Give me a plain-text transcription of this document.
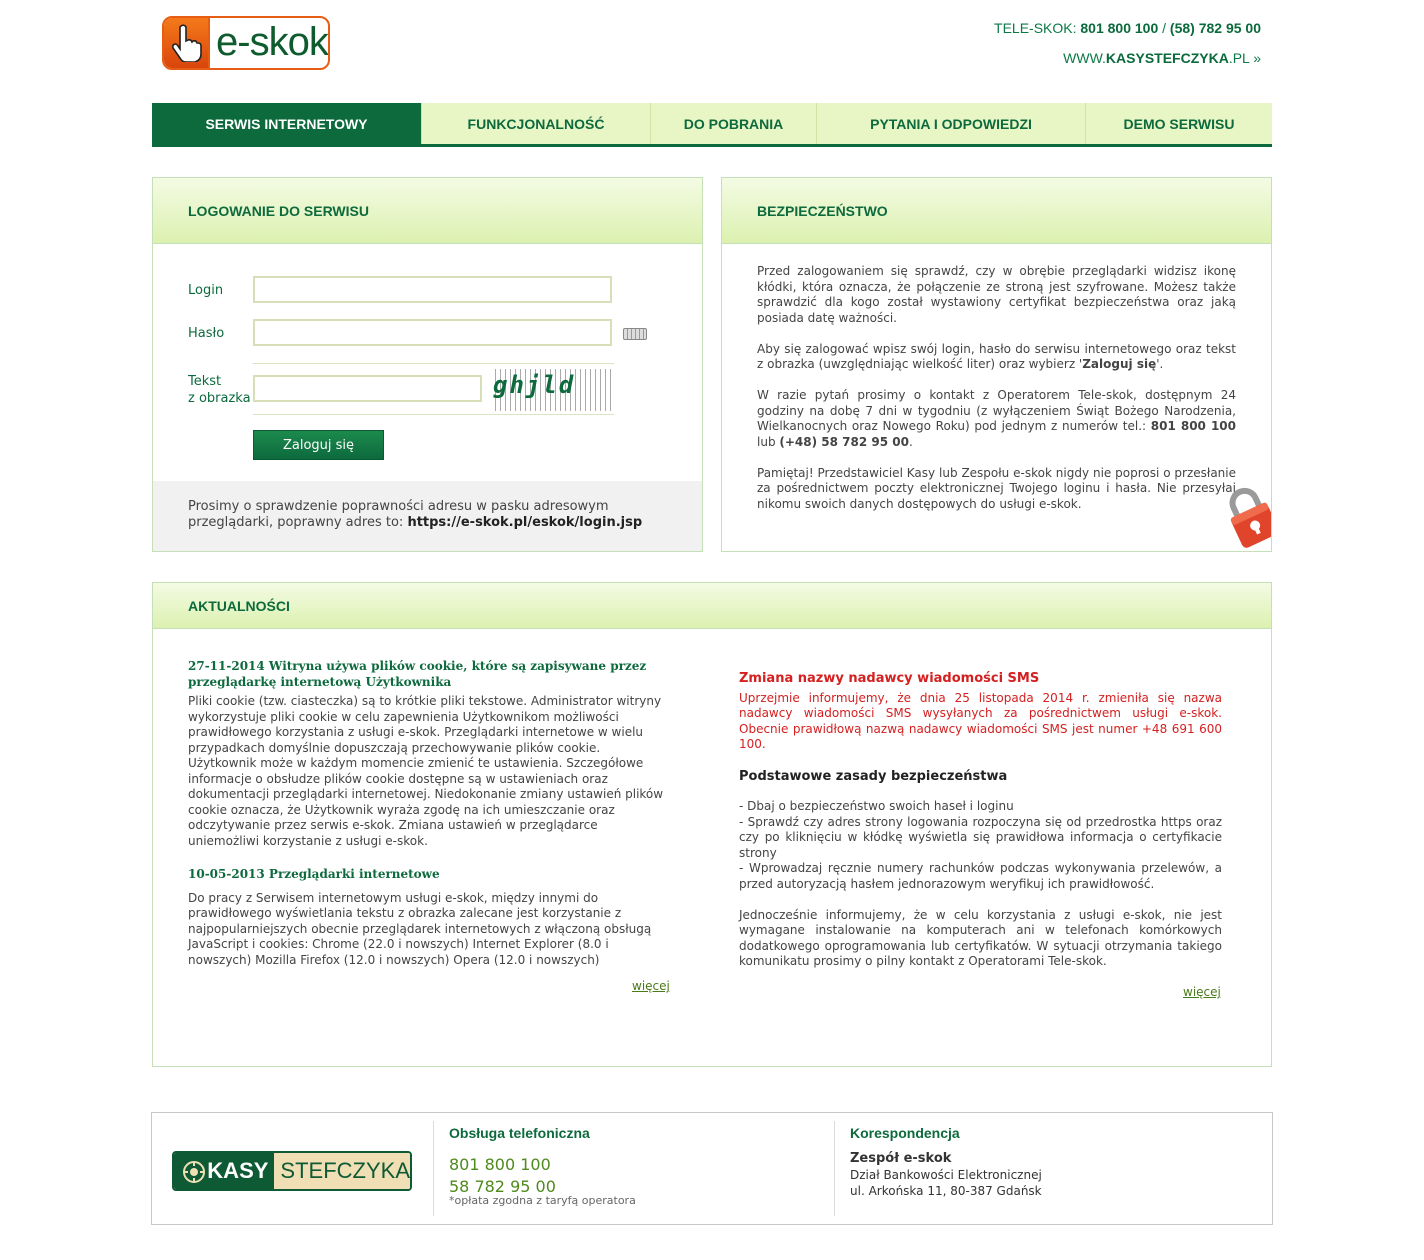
e-skok	TELE-SKOK: 801 800 100 / (58) 782 95 00
WWW.KASYSTEFCZYKA.PL »
SERWIS INTERNETOWY	FUNKCJONALNOŚĆ	DO POBRANIA	PYTANIA I ODPOWIEDZI	DEMO SERWISU
LOGOWANIE DO SERWISU
Login
Hasło
Tekst
z obrazka	ghjld
Zaloguj się
Prosimy o sprawdzenie poprawności adresu w pasku adresowym przeglądarki, poprawny adres to: https://e-skok.pl/eskok/login.jsp
BEZPIECZEŃSTWO

Przed zalogowaniem się sprawdź, czy w obrębie przeglądarki widzisz ikonę kłódki, która oznacza, że połączenie ze stroną jest szyfrowane. Możesz także sprawdzić dla kogo został wystawiony certyfikat bezpieczeństwa oraz jaką posiada datę ważności.

Aby się zalogować wpisz swój login, hasło do serwisu internetowego oraz tekst z obrazka (uwzględniając wielkość liter) oraz wybierz 'Zaloguj się'.

W razie pytań prosimy o kontakt z Operatorem Tele-skok, dostępnym 24 godziny na dobę 7 dni w tygodniu (z wyłączeniem Świąt Bożego Narodzenia, Wielkanocnych oraz Nowego Roku) pod jednym z numerów tel.: 801 800 100 lub (+48) 58 782 95 00.

Pamiętaj! Przedstawiciel Kasy lub Zespołu e-skok nigdy nie poprosi o przesłanie za pośrednictwem poczty elektronicznej Twojego loginu i hasła. Nie przesyłaj nikomu swoich danych dostępowych do usługi e-skok.

AKTUALNOŚCI
27-11-2014 Witryna używa plików cookie, które są zapisywane przez przeglądarkę internetową Użytkownika
Pliki cookie (tzw. ciasteczka) są to krótkie pliki tekstowe. Administrator witryny wykorzystuje pliki cookie w celu zapewnienia Użytkownikom możliwości prawidłowego korzystania z usługi e-skok. Przeglądarki internetowe w wielu przypadkach domyślnie dopuszczają przechowywanie plików cookie. Użytkownik może w każdym momencie zmienić te ustawienia. Szczegółowe informacje o obsłudze plików cookie dostępne są w ustawieniach oraz dokumentacji przeglądarki internetowej. Niedokonanie zmiany ustawień plików cookie oznacza, że Użytkownik wyraża zgodę na ich umieszczanie oraz odczytywanie przez serwis e-skok. Zmiana ustawień w przeglądarce uniemożliwi korzystanie z usługi e-skok.
10-05-2013 Przeglądarki internetowe
Do pracy z Serwisem internetowym usługi e-skok, między innymi do prawidłowego wyświetlania tekstu z obrazka zalecane jest korzystanie z najpopularniejszych obecnie przeglądarek internetowych z włączoną obsługą JavaScript i cookies: Chrome (22.0 i nowszych) Internet Explorer (8.0 i nowszych) Mozilla Firefox (12.0 i nowszych) Opera (12.0 i nowszych)
więcej
Zmiana nazwy nadawcy wiadomości SMS
Uprzejmie informujemy, że dnia 25 listopada 2014 r. zmieniła się nazwa nadawcy wiadomości SMS wysyłanych za pośrednictwem usługi e-skok. Obecnie prawidłową nazwą nadawcy wiadomości SMS jest numer +48 691 600 100.
Podstawowe zasady bezpieczeństwa
- Dbaj o bezpieczeństwo swoich haseł i loginu
- Sprawdź czy adres strony logowania rozpoczyna się od przedrostka https oraz czy po kliknięciu w kłódkę wyświetla się prawidłowa informacja o certyfikacie strony
- Wprowadzaj ręcznie numery rachunków podczas wykonywania przelewów, a przed autoryzacją hasłem jednorazowym weryfikuj ich prawidłowość.
Jednocześnie informujemy, że w celu korzystania z usługi e-skok, nie jest wymagane instalowanie na komputerach ani w telefonach komórkowych dodatkowego oprogramowania lub certyfikatów. W sytuacji otrzymania takiego komunikatu prosimy o pilny kontakt z Operatorami Tele-skok.
więcej
KASY STEFCZYKA
Obsługa telefoniczna
801 800 100
58 782 95 00
*opłata zgodna z taryfą operatora
Korespondencja
Zespół e-skok
Dział Bankowości Elektronicznej
ul. Arkońska 11, 80-387 Gdańsk
